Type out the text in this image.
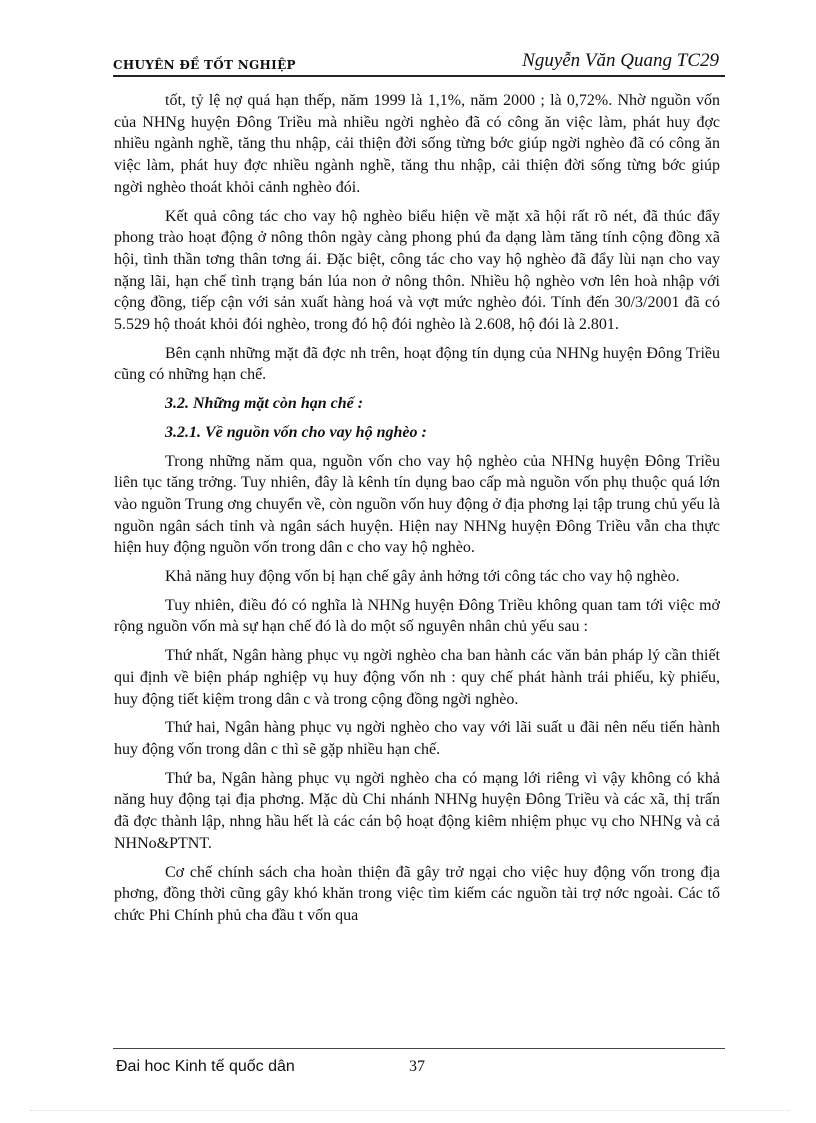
CHUYÊN ĐỀ TỐT NGHIỆP	Nguyễn Văn Quang TC29

tốt, tỷ lệ nợ quá hạn thếp, năm 1999 là 1,1%, năm 2000 ; là 0,72%. Nhờ nguồn vốn của NHNg huyện Đông Triều mà nhiều ngời nghèo đã có công ăn việc làm, phát huy đợc nhiều ngành nghề, tăng thu nhập, cải thiện đời sống từng bớc giúp ngời nghèo đã có công ăn việc làm, phát huy đợc nhiều ngành nghề, tăng thu nhập, cải thiện đời sống từng bớc giúp ngời nghèo thoát khỏi cảnh nghèo đói.

Kết quả công tác cho vay hộ nghèo biểu hiện về mặt xã hội rất rõ nét, đã thúc đẩy phong trào hoạt động ở nông thôn ngày càng phong phú đa dạng làm tăng tính cộng đồng xã hội, tình thần tơng thân tơng ái. Đặc biệt, công tác cho vay hộ nghèo đã đẩy lùi nạn cho vay nặng lãi, hạn chế tình trạng bán lúa non ở nông thôn. Nhiều hộ nghèo vơn lên hoà nhập với cộng đồng, tiếp cận với sản xuất hàng hoá và vợt mức nghèo đói. Tính đến 30/3/2001 đã có 5.529 hộ thoát khỏi đói nghèo, trong đó hộ đói nghèo là 2.608, hộ đói là 2.801.

Bên cạnh những mặt đã đợc nh trên, hoạt động tín dụng của NHNg huyện Đông Triều cũng có những hạn chế.

3.2. Những mặt còn hạn chế :
3.2.1. Về nguồn vốn cho vay hộ nghèo :

Trong những năm qua, nguồn vốn cho vay hộ nghèo của NHNg huyện Đông Triều liên tục tăng trởng. Tuy nhiên, đây là kênh tín dụng bao cấp mà nguồn vốn phụ thuộc quá lớn vào nguồn Trung ơng chuyển về, còn nguồn vốn huy động ở địa phơng lại tập trung chủ yếu là nguồn ngân sách tỉnh và ngân sách huyện. Hiện nay NHNg huyện Đông Triều vẫn cha thực hiện huy động nguồn vốn trong dân c cho vay hộ nghèo.

Khả năng huy động vốn bị hạn chế gây ảnh hởng tới công tác cho vay hộ nghèo.

Tuy nhiên, điều đó có nghĩa là NHNg huyện Đông Triều không quan tam tới việc mở rộng nguồn vốn mà sự hạn chế đó là do một số nguyên nhân chủ yếu sau :

Thứ nhất, Ngân hàng phục vụ ngời nghèo cha ban hành các văn bản pháp lý cần thiết qui định về biện pháp nghiệp vụ huy động vốn nh : quy chế phát hành trái phiếu, kỳ phiếu, huy động tiết kiệm trong dân c và trong cộng đồng ngời nghèo.

Thứ hai, Ngân hàng phục vụ ngời nghèo cho vay với lãi suất u đãi nên nếu tiến hành huy động vốn trong dân c thì sẽ gặp nhiều hạn chế.

Thứ ba, Ngân hàng phục vụ ngời nghèo cha có mạng lới riêng vì vậy không có khả năng huy động tại địa phơng. Mặc dù Chi nhánh NHNg huyện Đông Triều và các xã, thị trấn đã đợc thành lập, nhng hầu hết là các cán bộ hoạt động kiêm nhiệm phục vụ cho NHNg và cả NHNo&PTNT.

Cơ chế chính sách cha hoàn thiện đã gây trở ngại cho việc huy động vốn trong địa phơng, đồng thời cũng gây khó khăn trong việc tìm kiếm các nguồn tài trợ nớc ngoài. Các tổ chức Phi Chính phủ cha đầu t vốn qua

Đai hoc Kinh tế quốc dân	37
